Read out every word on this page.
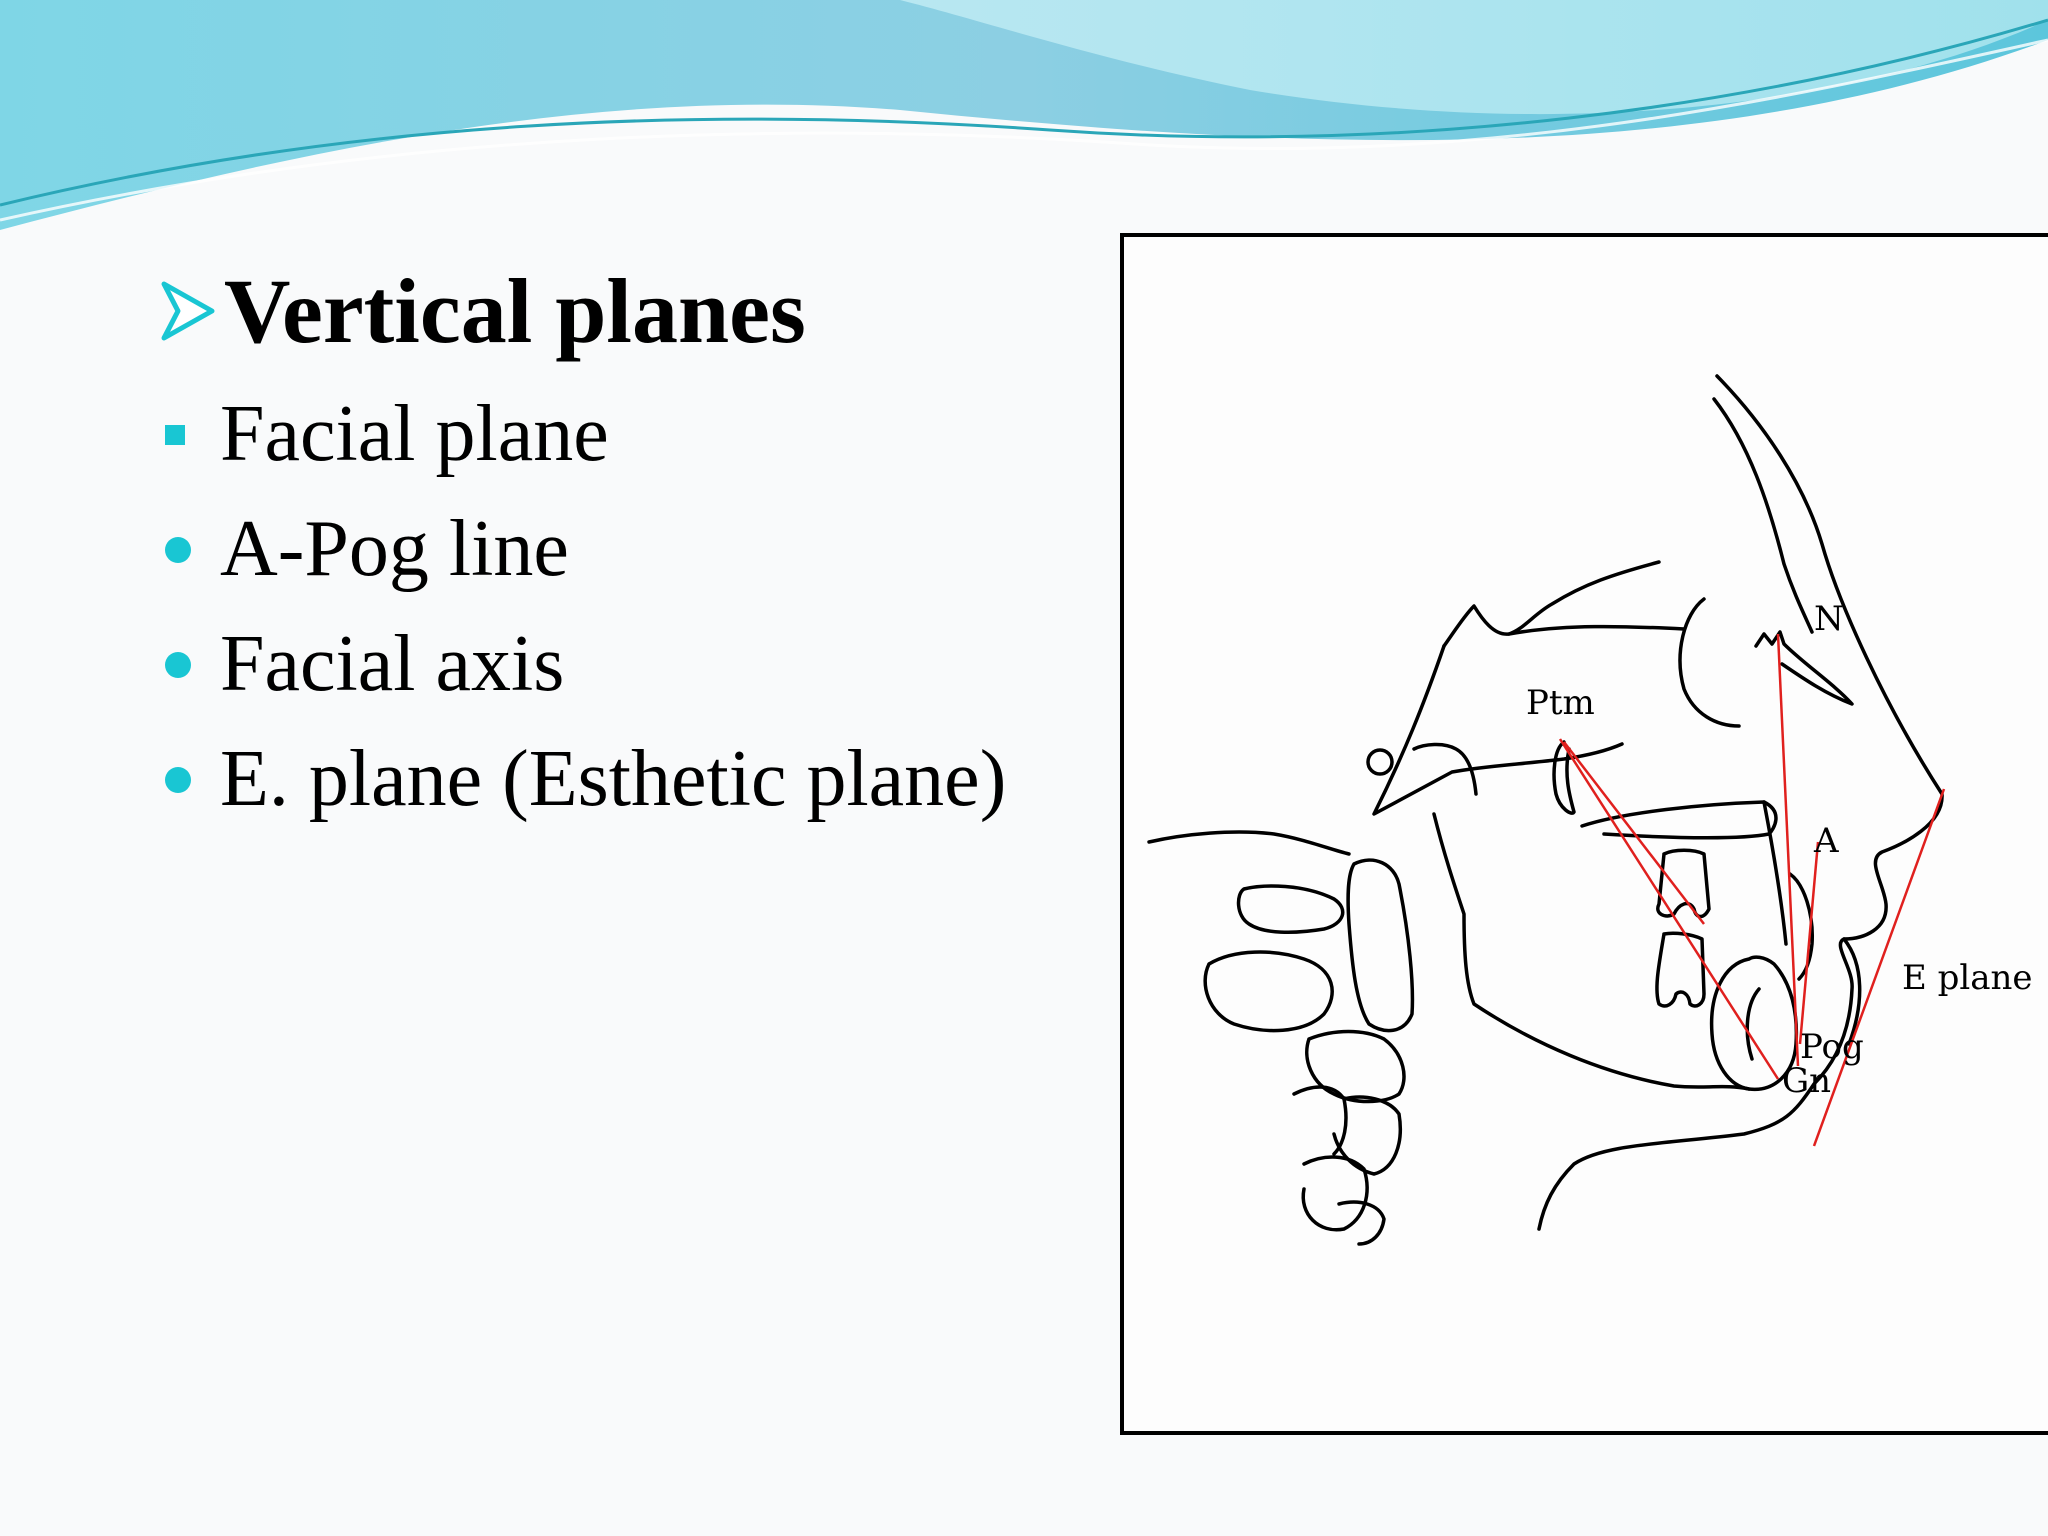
Vertical planes
Facial plane
A-Pog line
Facial axis
E. plane (Esthetic plane)
N
Ptm
A
E plane
Pog
Gn
